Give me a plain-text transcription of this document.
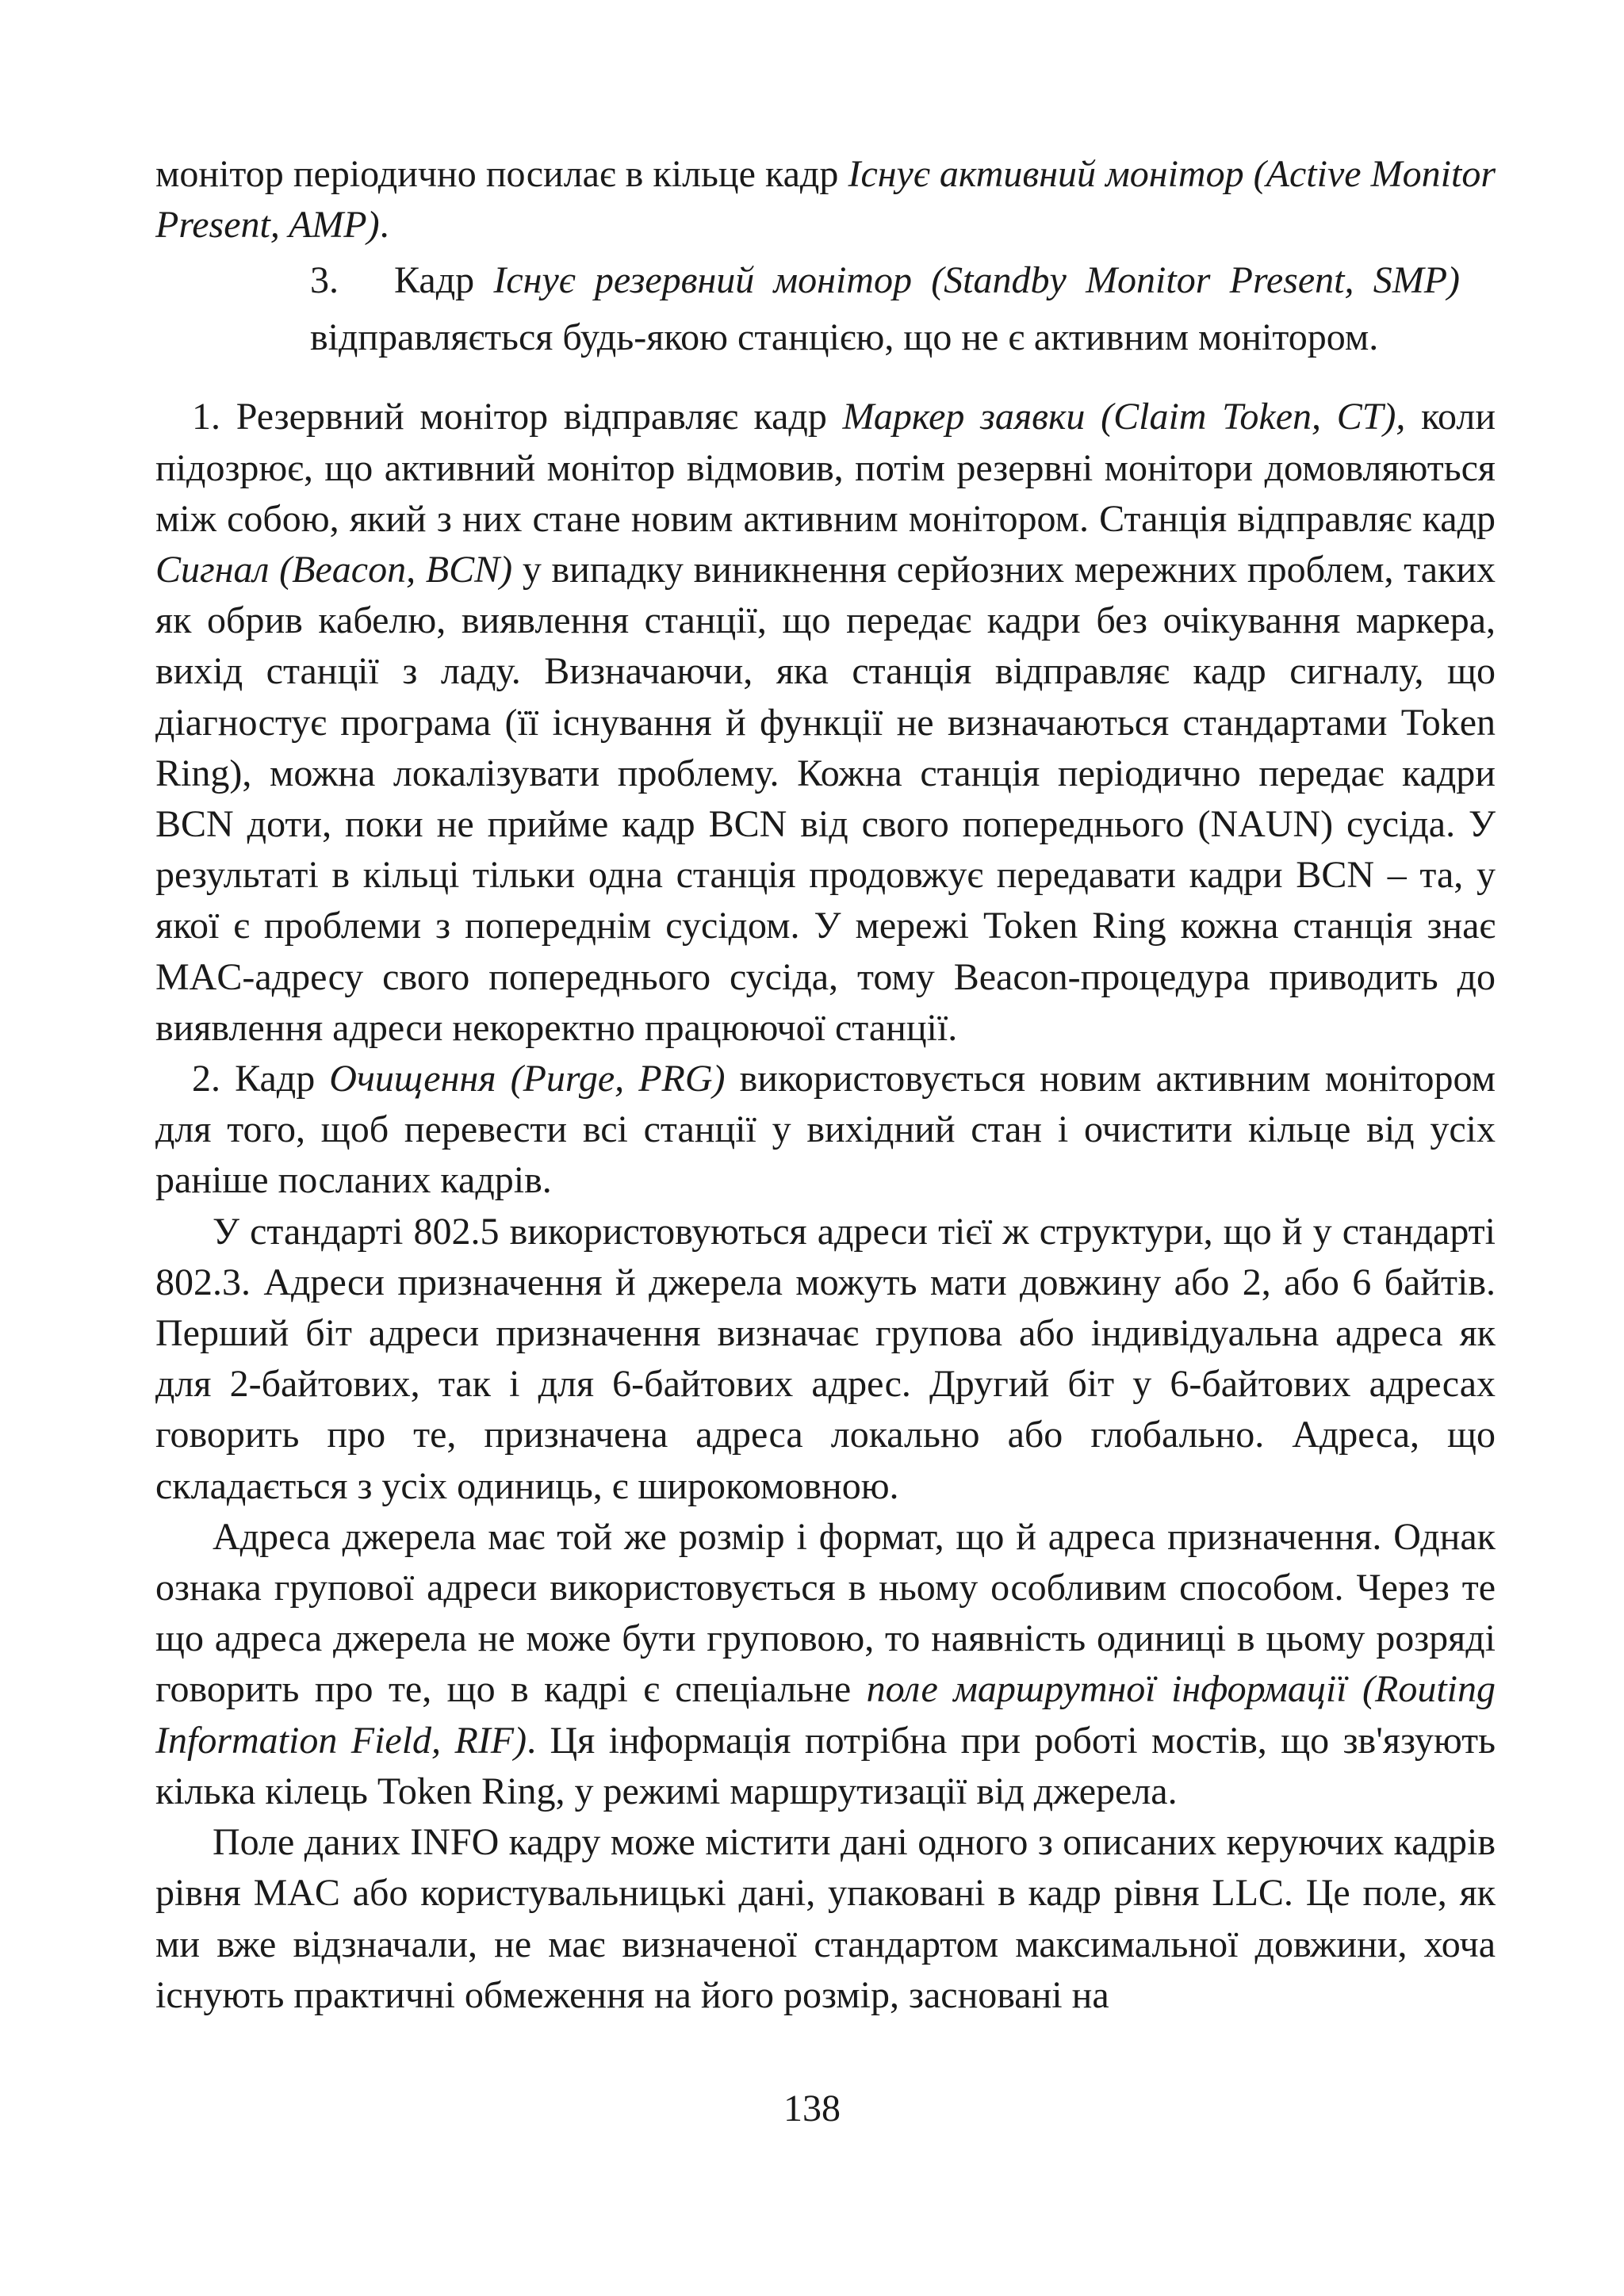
монітор періодично посилає в кільце кадр Існує активний монітор (Active Monitor Present, AMP).

3. Кадр Існує резервний монітор (Standby Monitor Present, SMP)

відправляється будь-якою станцією, що не є активним монітором.

1. Резервний монітор відправляє кадр Маркер заявки (Claim Token, CT), коли підозрює, що активний монітор відмовив, потім резервні монітори домовляються між собою, який з них стане новим активним монітором. Станція відправляє кадр Сигнал (Beacon, BCN) у випадку виникнення серйозних мережних проблем, таких як обрив кабелю, виявлення станції, що передає кадри без очікування маркера, вихід станції з ладу. Визначаючи, яка станція відправляє кадр сигналу, що діагностує програма (її існування й функції не визначаються стандартами Token Ring), можна локалізувати проблему. Кожна станція періодично передає кадри BCN доти, поки не прийме кадр BCN від свого попереднього (NAUN) сусіда. У результаті в кільці тільки одна станція продовжує передавати кадри BCN – та, у якої є проблеми з попереднім сусідом. У мережі Token Ring кожна станція знає MAC-адресу свого попереднього сусіда, тому Beacon-процедура приводить до виявлення адреси некоректно працюючої станції.

2. Кадр Очищення (Purge, PRG) використовується новим активним монітором для того, щоб перевести всі станції у вихідний стан і очистити кільце від усіх раніше посланих кадрів.

У стандарті 802.5 використовуються адреси тієї ж структури, що й у стандарті 802.3. Адреси призначення й джерела можуть мати довжину або 2, або 6 байтів. Перший біт адреси призначення визначає групова або індивідуальна адреса як для 2-байтових, так і для 6-байтових адрес. Другий біт у 6-байтових адресах говорить про те, призначена адреса локально або глобально. Адреса, що складається з усіх одиниць, є широкомовною.

Адреса джерела має той же розмір і формат, що й адреса призначення. Однак ознака групової адреси використовується в ньому особливим способом. Через те що адреса джерела не може бути груповою, то наявність одиниці в цьому розряді говорить про те, що в кадрі є спеціальне поле маршрутної інформації (Routing Information Field, RIF). Ця інформація потрібна при роботі мостів, що зв'язують кілька кілець Token Ring, у режимі маршрутизації від джерела.

Поле даних INFO кадру може містити дані одного з описаних керуючих кадрів рівня MAC або користувальницькі дані, упаковані в кадр рівня LLC. Це поле, як ми вже відзначали, не має визначеної стандартом максимальної довжини, хоча існують практичні обмеження на його розмір, засновані на

138
